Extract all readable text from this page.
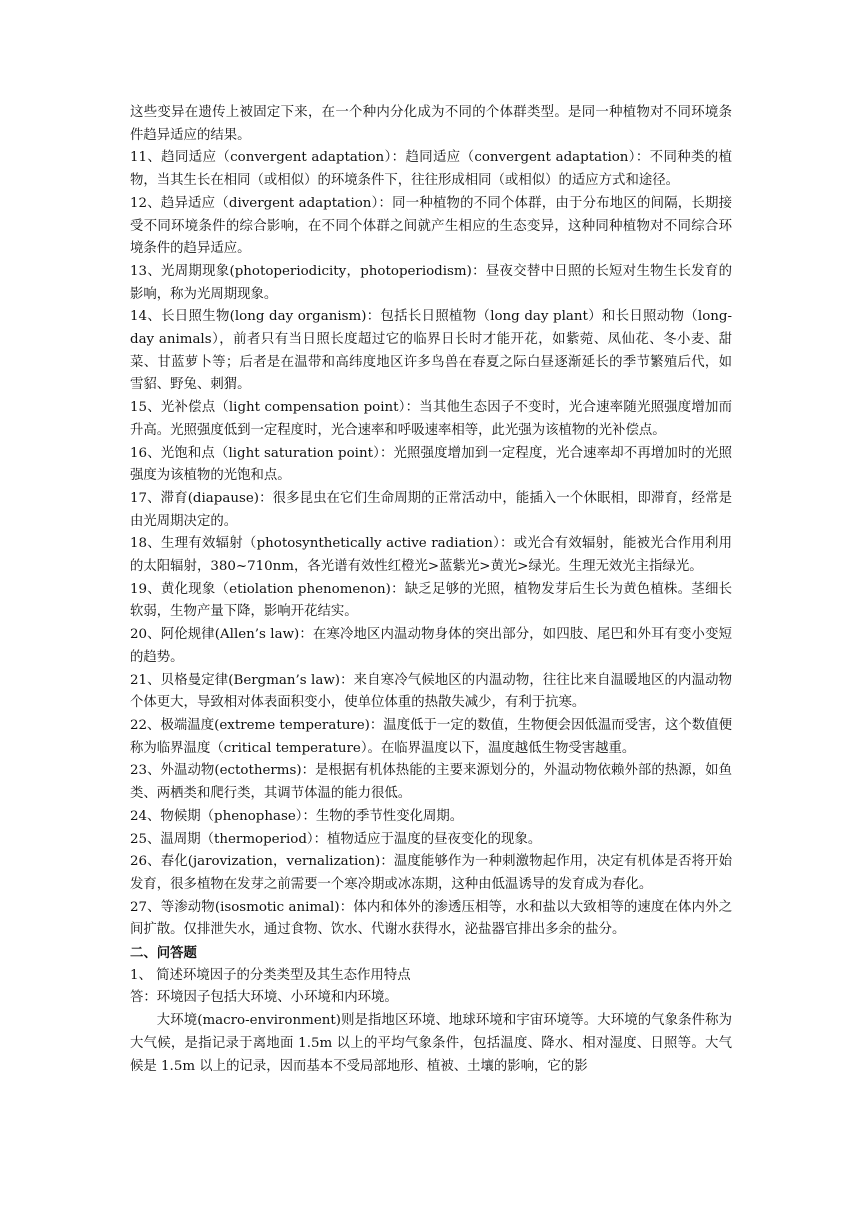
这些变异在遗传上被固定下来，在一个种内分化成为不同的个体群类型。是同一种植物对不同环境条件趋异适应的结果。

11、趋同适应（convergent adaptation）：趋同适应（convergent adaptation）：不同种类的植物，当其生长在相同（或相似）的环境条件下，往往形成相同（或相似）的适应方式和途径。

12、趋异适应（divergent adaptation）：同一种植物的不同个体群，由于分布地区的间隔，长期接受不同环境条件的综合影响，在不同个体群之间就产生相应的生态变异，这种同种植物对不同综合环境条件的趋异适应。

13、光周期现象(photoperiodicity，photoperiodism)：昼夜交替中日照的长短对生物生长发育的影响，称为光周期现象。

14、长日照生物(long day organism)：包括长日照植物（long day plant）和长日照动物（long-day animals），前者只有当日照长度超过它的临界日长时才能开花，如紫菀、凤仙花、冬小麦、甜菜、甘蓝萝卜等；后者是在温带和高纬度地区许多鸟兽在春夏之际白昼逐渐延长的季节繁殖后代，如雪貂、野兔、刺猬。

15、光补偿点（light compensation point）：当其他生态因子不变时，光合速率随光照强度增加而升高。光照强度低到一定程度时，光合速率和呼吸速率相等，此光强为该植物的光补偿点。

16、光饱和点（light saturation point）：光照强度增加到一定程度，光合速率却不再增加时的光照强度为该植物的光饱和点。

17、滞育(diapause)：很多昆虫在它们生命周期的正常活动中，能插入一个休眠相，即滞育，经常是由光周期决定的。

18、生理有效辐射（photosynthetically active radiation）：或光合有效辐射，能被光合作用利用的太阳辐射，380~710nm，各光谱有效性红橙光>蓝紫光>黄光>绿光。生理无效光主指绿光。

19、黄化现象（etiolation phenomenon)：缺乏足够的光照，植物发芽后生长为黄色植株。茎细长软弱，生物产量下降，影响开花结实。

20、阿伦规律(Allen’s law)：在寒冷地区内温动物身体的突出部分，如四肢、尾巴和外耳有变小变短的趋势。

21、贝格曼定律(Bergman’s law)：来自寒冷气候地区的内温动物，往往比来自温暖地区的内温动物个体更大，导致相对体表面积变小，使单位体重的热散失减少，有利于抗寒。

22、极端温度(extreme temperature)：温度低于一定的数值，生物便会因低温而受害，这个数值便称为临界温度（critical temperature）。在临界温度以下，温度越低生物受害越重。

23、外温动物(ectotherms)：是根据有机体热能的主要来源划分的，外温动物依赖外部的热源，如鱼类、两栖类和爬行类，其调节体温的能力很低。

24、物候期（phenophase）：生物的季节性变化周期。

25、温周期（thermoperiod）：植物适应于温度的昼夜变化的现象。

26、春化(jarovization，vernalization)：温度能够作为一种刺激物起作用，决定有机体是否将开始发育，很多植物在发芽之前需要一个寒冷期或冰冻期，这种由低温诱导的发育成为春化。

27、等渗动物(isosmotic animal)：体内和体外的渗透压相等，水和盐以大致相等的速度在体内外之间扩散。仅排泄失水，通过食物、饮水、代谢水获得水，泌盐器官排出多余的盐分。

二、问答题

1、 简述环境因子的分类类型及其生态作用特点

答：环境因子包括大环境、小环境和内环境。

大环境(macro-environment)则是指地区环境、地球环境和宇宙环境等。大环境的气象条件称为大气候，是指记录于离地面 1.5m 以上的平均气象条件，包括温度、降水、相对湿度、日照等。大气候是 1.5m 以上的记录，因而基本不受局部地形、植被、土壤的影响，它的影
